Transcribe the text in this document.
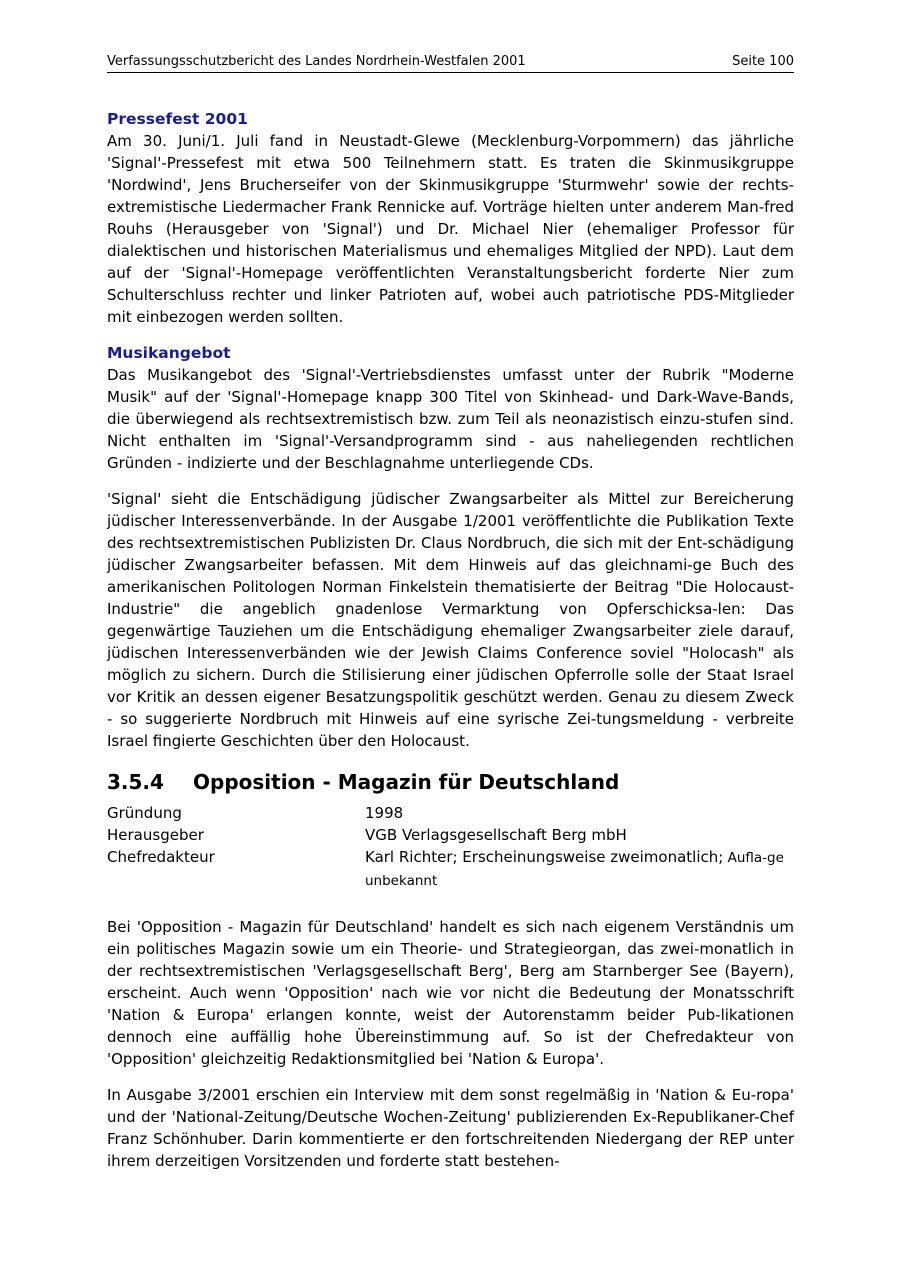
Verfassungsschutzbericht des Landes Nordrhein-Westfalen 2001	Seite 100
Pressefest 2001

Am 30. Juni/1. Juli fand in Neustadt-Glewe (Mecklenburg-Vorpommern) das jährliche 'Signal'-Pressefest mit etwa 500 Teilnehmern statt. Es traten die Skinmusikgruppe 'Nordwind', Jens Brucherseifer von der Skinmusikgruppe 'Sturmwehr' sowie der rechts-extremistische Liedermacher Frank Rennicke auf. Vorträge hielten unter anderem Man-fred Rouhs (Herausgeber von 'Signal') und Dr. Michael Nier (ehemaliger Professor für dialektischen und historischen Materialismus und ehemaliges Mitglied der NPD). Laut dem auf der 'Signal'-Homepage veröffentlichten Veranstaltungsbericht forderte Nier zum Schulterschluss rechter und linker Patrioten auf, wobei auch patriotische PDS-Mitglieder mit einbezogen werden sollten.

Musikangebot

Das Musikangebot des 'Signal'-Vertriebsdienstes umfasst unter der Rubrik "Moderne Musik" auf der 'Signal'-Homepage knapp 300 Titel von Skinhead- und Dark-Wave-Bands, die überwiegend als rechtsextremistisch bzw. zum Teil als neonazistisch einzu-stufen sind. Nicht enthalten im 'Signal'-Versandprogramm sind - aus naheliegenden rechtlichen Gründen - indizierte und der Beschlagnahme unterliegende CDs.

'Signal' sieht die Entschädigung jüdischer Zwangsarbeiter als Mittel zur Bereicherung jüdischer Interessenverbände. In der Ausgabe 1/2001 veröffentlichte die Publikation Texte des rechtsextremistischen Publizisten Dr. Claus Nordbruch, die sich mit der Ent-schädigung jüdischer Zwangsarbeiter befassen. Mit dem Hinweis auf das gleichnami-ge Buch des amerikanischen Politologen Norman Finkelstein thematisierte der Beitrag "Die Holocaust-Industrie" die angeblich gnadenlose Vermarktung von Opferschicksa-len: Das gegenwärtige Tauziehen um die Entschädigung ehemaliger Zwangsarbeiter ziele darauf, jüdischen Interessenverbänden wie der Jewish Claims Conference soviel "Holocash" als möglich zu sichern. Durch die Stilisierung einer jüdischen Opferrolle solle der Staat Israel vor Kritik an dessen eigener Besatzungspolitik geschützt werden. Genau zu diesem Zweck - so suggerierte Nordbruch mit Hinweis auf eine syrische Zei-tungsmeldung - verbreite Israel fingierte Geschichten über den Holocaust.

3.5.4	Opposition - Magazin für Deutschland
Gründung	1998
Herausgeber	VGB Verlagsgesellschaft Berg mbH
Chefredakteur	Karl Richter; Erscheinungsweise zweimonatlich; Aufla-ge unbekannt

Bei 'Opposition - Magazin für Deutschland' handelt es sich nach eigenem Verständnis um ein politisches Magazin sowie um ein Theorie- und Strategieorgan, das zwei-monatlich in der rechtsextremistischen 'Verlagsgesellschaft Berg', Berg am Starnberger See (Bayern), erscheint. Auch wenn 'Opposition' nach wie vor nicht die Bedeutung der Monatsschrift 'Nation & Europa' erlangen konnte, weist der Autorenstamm beider Pub-likationen dennoch eine auffällig hohe Übereinstimmung auf. So ist der Chefredakteur von 'Opposition' gleichzeitig Redaktionsmitglied bei 'Nation & Europa'.

In Ausgabe 3/2001 erschien ein Interview mit dem sonst regelmäßig in 'Nation & Eu-ropa' und der 'National-Zeitung/Deutsche Wochen-Zeitung' publizierenden Ex-Republikaner-Chef Franz Schönhuber. Darin kommentierte er den fortschreitenden Niedergang der REP unter ihrem derzeitigen Vorsitzenden und forderte statt bestehen-
